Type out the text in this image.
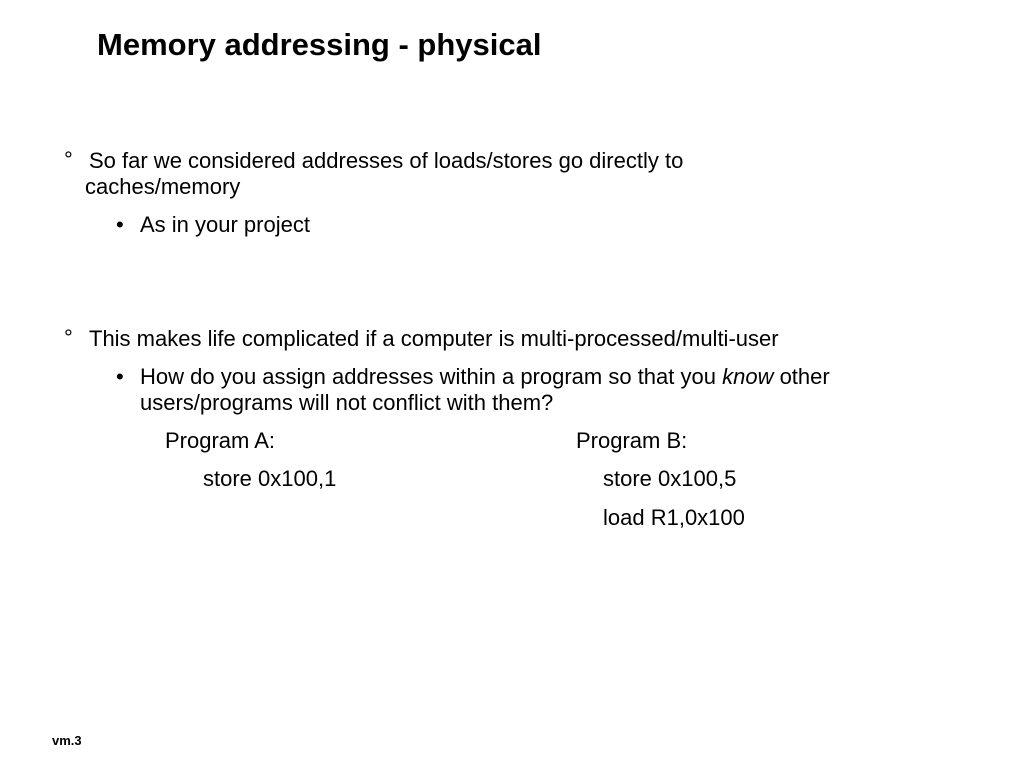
Memory addressing - physical
° So far we considered addresses of loads/stores go directly to
caches/memory
• As in your project
° This makes life complicated if a computer is multi-processed/multi-user
• How do you assign addresses within a program so that you know other
users/programs will not conflict with them?
Program A:	Program B:
store 0x100,1	store 0x100,5
load R1,0x100
vm.3
